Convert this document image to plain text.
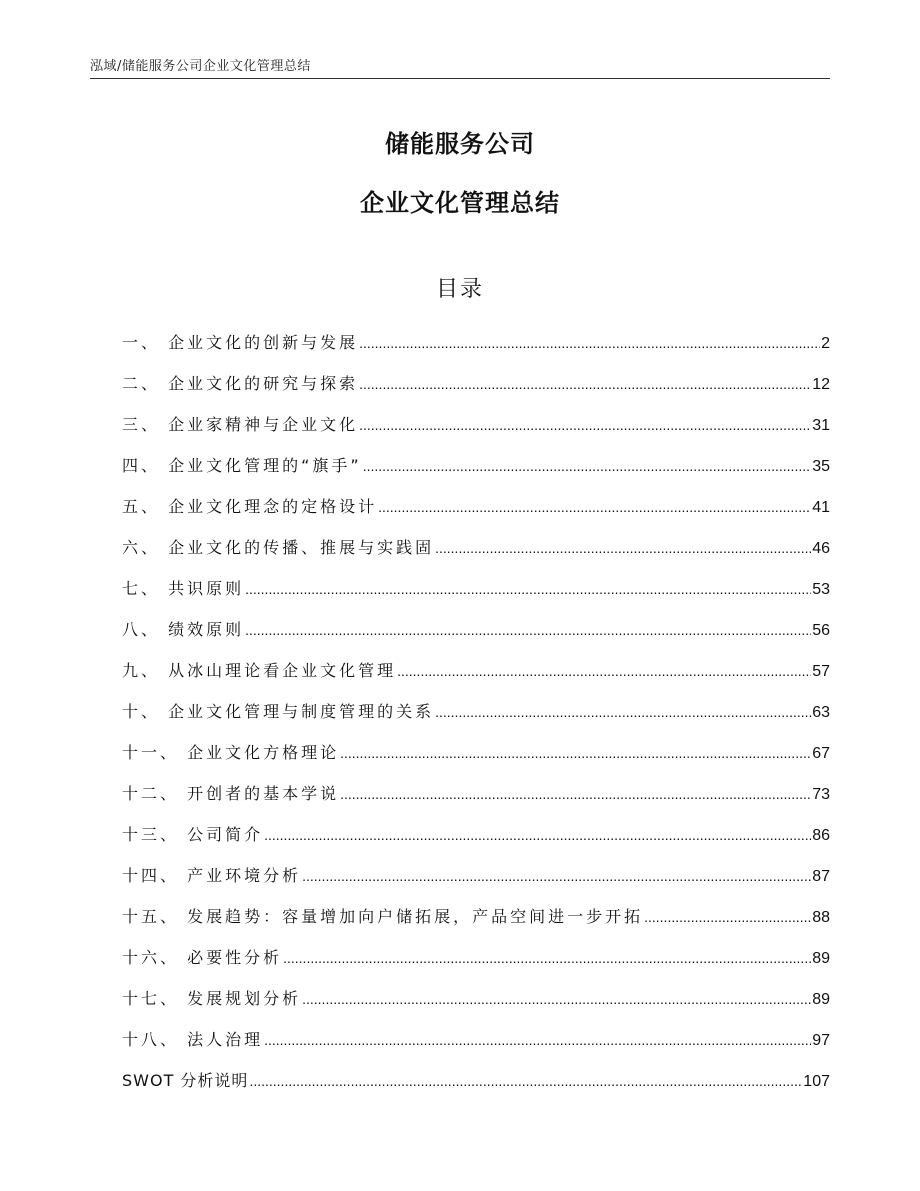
泓域/储能服务公司企业文化管理总结
储能服务公司
企业文化管理总结
目录
一、 企业文化的创新与发展 .....	2
二、 企业文化的研究与探索 .....	12
三、 企业家精神与企业文化 .....	31
四、 企业文化管理的“旗手” .....	35
五、 企业文化理念的定格设计 .....	41
六、 企业文化的传播、推展与实践固 .....	46
七、 共识原则 .....	53
八、 绩效原则 .....	56
九、 从冰山理论看企业文化管理 .....	57
十、 企业文化管理与制度管理的关系 .....	63
十一、 企业文化方格理论 .....	67
十二、 开创者的基本学说 .....	73
十三、 公司简介 .....	86
十四、 产业环境分析 .....	87
十五、 发展趋势：容量增加向户储拓展，产品空间进一步开拓 .....	88
十六、 必要性分析 .....	89
十七、 发展规划分析 .....	89
十八、 法人治理 .....	97
SWOT 分析说明 .....	107
